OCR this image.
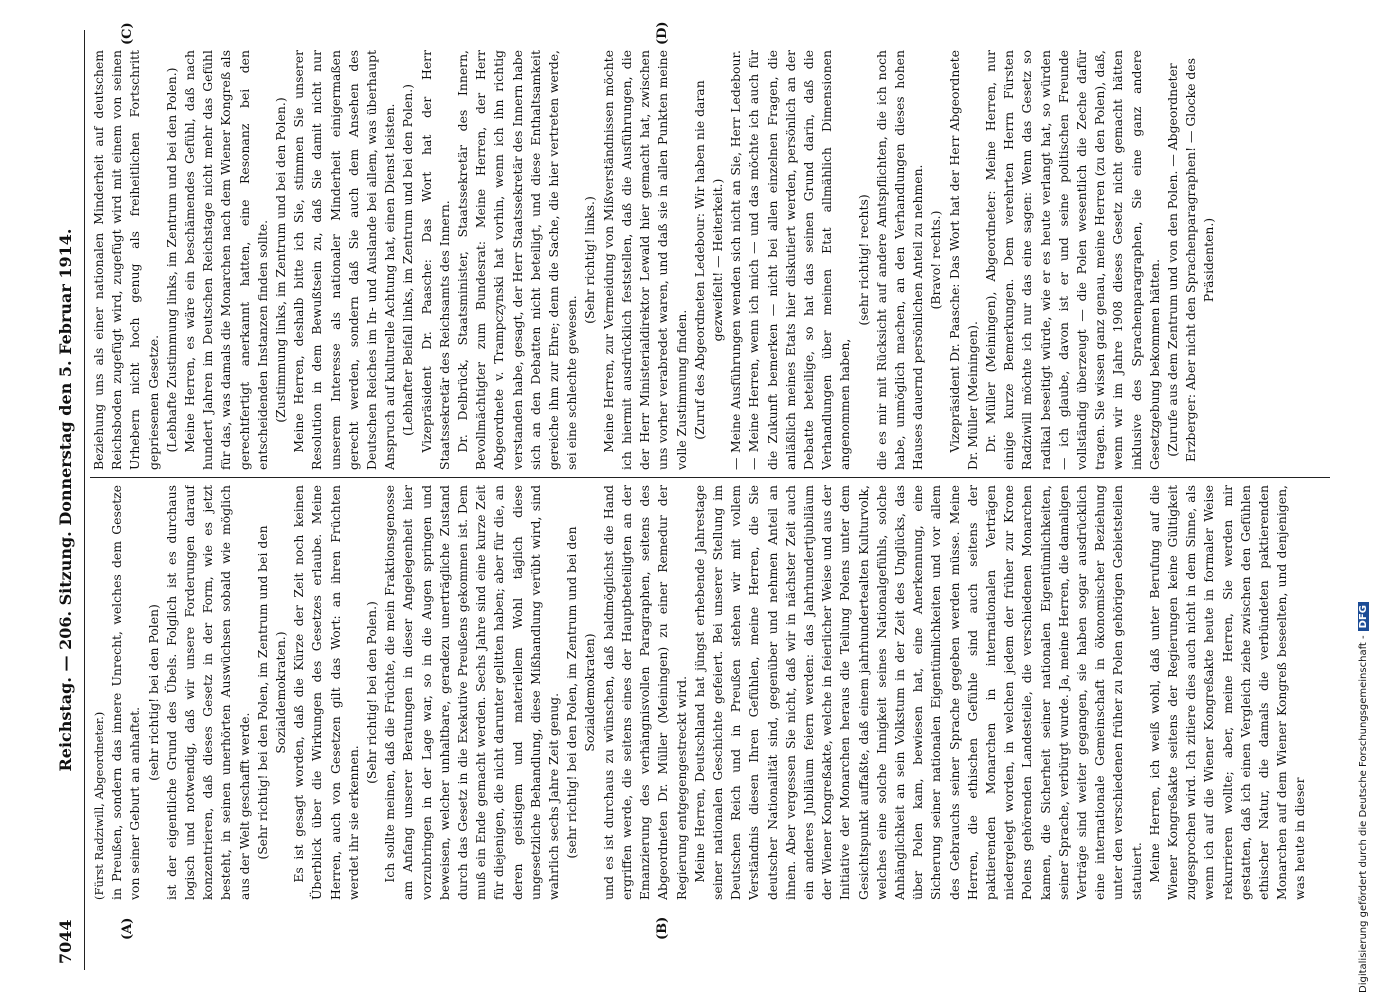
7044
Reichstag. — 206. Sitzung. Donnerstag den 5. Februar 1914.
(A)	(B)
(C)	(D)

(Fürst Radziwill, Abgeordneter.) in Preußen, sondern das innere Unrecht, welches dem Gesetze von seiner Geburt an anhaftet.

(sehr richtig! bei den Polen) ist der eigentliche Grund des Übels. Folglich ist es durchaus logisch und notwendig, daß wir unsere Forderungen darauf konzentrieren, daß dieses Gesetz in der Form, wie es jetzt besteht, in seinen unerhörten Auswüchsen sobald wie möglich aus der Welt geschafft werde. (Sehr richtig! bei den Polen, im Zentrum und bei den Sozialdemokraten.) Es ist gesagt worden, daß die Kürze der Zeit noch keinen Überblick über die Wirkungen des Gesetzes erlaube. Meine Herren, auch von Gesetzen gilt das Wort: an ihren Früchten werdet ihr sie erkennen.

(Sehr richtig! bei den Polen.) Ich sollte meinen, daß die Früchte, die mein Fraktionsgenosse am Anfang unserer Beratungen in dieser Angelegenheit hier vorzubringen in der Lage war, so in die Augen springen und beweisen, welcher unhaltbare, geradezu unerträgliche Zustand durch das Gesetz in die Exekutive Preußens gekommen ist. Dem muß ein Ende gemacht werden. Sechs Jahre sind eine kurze Zeit für diejenigen, die nicht darunter gelitten haben; aber für die, an deren geistigem und materiellem Wohl täglich diese ungesetzliche Behandlung, diese Mißhandlung verübt wird, sind wahrlich sechs Jahre Zeit genug. (sehr richtig! bei den Polen, im Zentrum und bei den Sozialdemokraten) und es ist durchaus zu wünschen, daß baldmöglichst die Hand ergriffen werde, die seitens eines der Hauptbeteiligten an der Emanzierung des verhängnisvollen Paragraphen, seitens des Abgeordneten Dr. Müller (Meiningen) zu einer Remedur der Regierung entgegengestreckt wird. Meine Herren, Deutschland hat jüngst erhebende Jahrestage seiner nationalen Geschichte gefeiert. Bei unserer Stellung im Deutschen Reich und in Preußen stehen wir mit vollem Verständnis diesen Ihren Gefühlen, meine Herren, die Sie deutscher Nationalität sind, gegenüber und nehmen Anteil an ihnen. Aber vergessen Sie nicht, daß wir in nächster Zeit auch ein anderes Jubiläum feiern werden: das Jahrhundertjubiläum der Wiener Kongreßakte, welche in feierlicher Weise und aus der Initiative der Monarchen heraus die Teilung Polens unter dem Gesichtspunkt auffaßte, daß einem jahrhundertealten Kulturvolk, welches eine solche Innigkeit seines Nationalgefühls, solche Anhänglichkeit an sein Volkstum in der Zeit des Unglücks, das über Polen kam, bewiesen hat, eine Anerkennung, eine Sicherung seiner nationalen Eigentümlichkeiten und vor allem des Gebrauchs seiner Sprache gegeben werden müsse. Meine Herren, die ethischen Gefühle sind auch seitens der paktierenden Monarchen in internationalen Verträgen niedergelegt worden, in welchen jedem der früher zur Krone Polens gehörenden Landesteile, die verschiedenen Monarchen kamen, die Sicherheit seiner nationalen Eigentümlichkeiten, seiner Sprache, verbürgt wurde. Ja, meine Herren, die damaligen Verträge sind weiter gegangen, sie haben sogar ausdrücklich eine internationale Gemeinschaft in ökonomischer Beziehung unter den verschiedenen früher zu Polen gehörigen Gebietsteilen statuiert. Meine Herren, ich weiß wohl, daß unter Berufung auf die Wiener Kongreßakte seitens der Regierungen keine Gültigkeit zugesprochen wird. Ich zitiere dies auch nicht in dem Sinne, als wenn ich auf die Wiener Kongreßakte heute in formaler Weise rekurrieren wollte; aber, meine Herren, Sie werden mir gestatten, daß ich einen Vergleich ziehe zwischen den Gefühlen ethischer Natur, die damals die verbündeten paktierenden Monarchen auf dem Wiener Kongreß beseelten, und denjenigen, was heute in dieser

Beziehung uns als einer nationalen Minderheit auf deutschem Reichsboden zugefügt wird, zugefügt wird mit einem von seinen Urhebern nicht hoch genug als freiheitlichen Fortschritt gepriesenen Gesetze. (Lebhafte Zustimmung links, im Zentrum und bei den Polen.) Meine Herren, es wäre ein beschämendes Gefühl, daß nach hundert Jahren im Deutschen Reichstage nicht mehr das Gefühl für das, was damals die Monarchen nach dem Wiener Kongreß als gerechtfertigt anerkannt hatten, eine Resonanz bei den entscheidenden Instanzen finden sollte. (Zustimmung links, im Zentrum und bei den Polen.) Meine Herren, deshalb bitte ich Sie, stimmen Sie unserer Resolution in dem Bewußtsein zu, daß Sie damit nicht nur unserem Interesse als nationaler Minderheit einigermaßen gerecht werden, sondern daß Sie auch dem Ansehen des Deutschen Reiches im In- und Auslande bei allem, was überhaupt Anspruch auf kulturelle Achtung hat, einen Dienst leisten. (Lebhafter Beifall links, im Zentrum und bei den Polen.) Vizepräsident Dr. Paasche: Das Wort hat der Herr Staatssekretär des Reichsamts des Innern. Dr. Delbrück, Staatsminister, Staatssekretär des Innern, Bevollmächtigter zum Bundesrat: Meine Herren, der Herr Abgeordnete v. Trampczynski hat vorhin, wenn ich ihn richtig verstanden habe, gesagt, der Herr Staatssekretär des Innern habe sich an den Debatten nicht beteiligt, und diese Enthaltsamkeit gereiche ihm zur Ehre; denn die Sache, die hier vertreten werde, sei eine schlechte gewesen.

(Sehr richtig! links.) Meine Herren, zur Vermeidung von Mißverständnissen möchte ich hiermit ausdrücklich feststellen, daß die Ausführungen, die der Herr Ministerialdirektor Lewald hier gemacht hat, zwischen uns vorher verabredet waren, und daß sie in allen Punkten meine volle Zustimmung finden. (Zuruf des Abgeordneten Ledebour: Wir haben nie daran gezweifelt! — Heiterkeit.) — Meine Ausführungen wenden sich nicht an Sie, Herr Ledebour. — Meine Herren, wenn ich mich — und das möchte ich auch für die Zukunft bemerken — nicht bei allen einzelnen Fragen, die anläßlich meines Etats hier diskutiert werden, persönlich an der Debatte beteilige, so hat das seinen Grund darin, daß die Verhandlungen über meinen Etat allmählich Dimensionen angenommen haben,

(sehr richtig! rechts) die es mir mit Rücksicht auf andere Amtspflichten, die ich noch habe, unmöglich machen, an den Verhandlungen dieses hohen Hauses dauernd persönlichen Anteil zu nehmen. (Bravo! rechts.) Vizepräsident Dr. Paasche: Das Wort hat der Herr Abgeordnete Dr. Müller (Meiningen). Dr. Müller (Meiningen), Abgeordneter: Meine Herren, nur einige kurze Bemerkungen. Dem verehrten Herrn Fürsten Radziwill möchte ich nur das eine sagen: Wenn das Gesetz so radikal beseitigt würde, wie er es heute verlangt hat, so würden — ich glaube, davon ist er und seine politischen Freunde vollständig überzeugt — die Polen wesentlich die Zeche dafür tragen. Sie wissen ganz genau, meine Herren (zu den Polen), daß, wenn wir im Jahre 1908 dieses Gesetz nicht gemacht hätten inklusive des Sprachenparagraphen, Sie eine ganz andere Gesetzgebung bekommen hätten. (Zurufe aus dem Zentrum und von den Polen. — Abgeordneter Erzberger: Aber nicht den Sprachenparagraphen! — Glocke des Präsidenten.)

Digitalisierung gefördert durch die Deutsche Forschungsgemeinschaft -DFG
